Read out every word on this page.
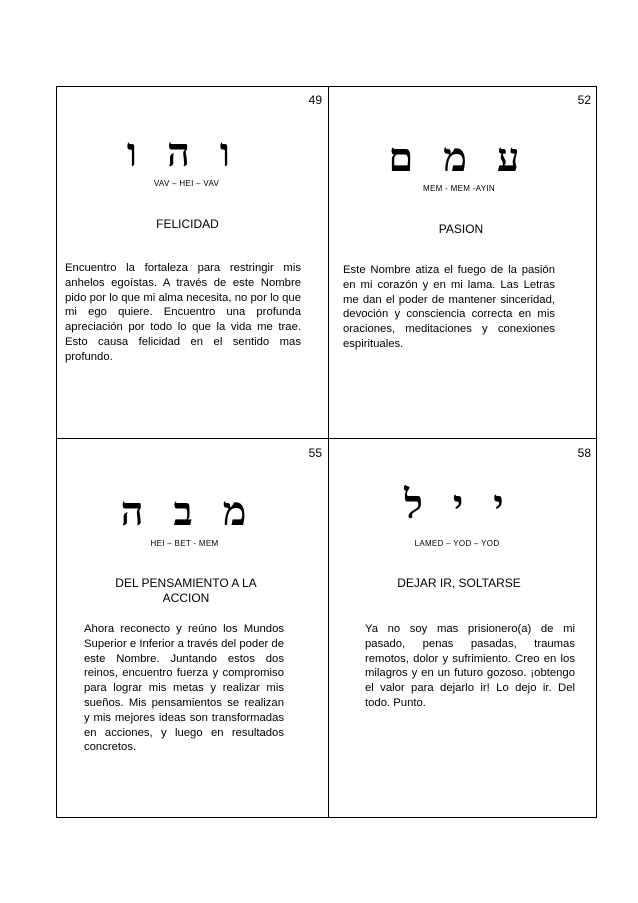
49
ו ה ו
VAV – HEI – VAV
FELICIDAD
Encuentro la fortaleza para restringir mis anhelos egoístas. A través de este Nombre pido por lo que mi alma necesita, no por lo que mi ego quiere. Encuentro una profunda apreciación por todo lo que la vida me trae. Esto causa felicidad en el sentido mas profundo.
52
ע מ ם
MEM - MEM -AYIN
PASION
Este Nombre atiza el fuego de la pasión en mi corazón y en mi lama. Las Letras me dan el poder de mantener sinceridad, devoción y consciencia correcta en mis oraciones, meditaciones y conexiones espirituales.
55
מ ב ה
HEI – BET - MEM
DEL PENSAMIENTO A LA ACCION
Ahora reconecto y reúno los Mundos Superior e Inferior a través del poder de este Nombre. Juntando estos dos reinos, encuentro fuerza y compromiso para lograr mis metas y realizar mis sueños. Mis pensamientos se realizan y mis mejores ideas son transformadas en acciones, y luego en resultados concretos.
58
י י ל
LAMED – YOD – YOD
DEJAR IR, SOLTARSE
Ya no soy mas prisionero(a) de mi pasado, penas pasadas, traumas remotos, dolor y sufrimiento. Creo en los milagros y en un futuro gozoso. ¡obtengo el valor para dejarlo ir! Lo dejo ir. Del todo. Punto.
